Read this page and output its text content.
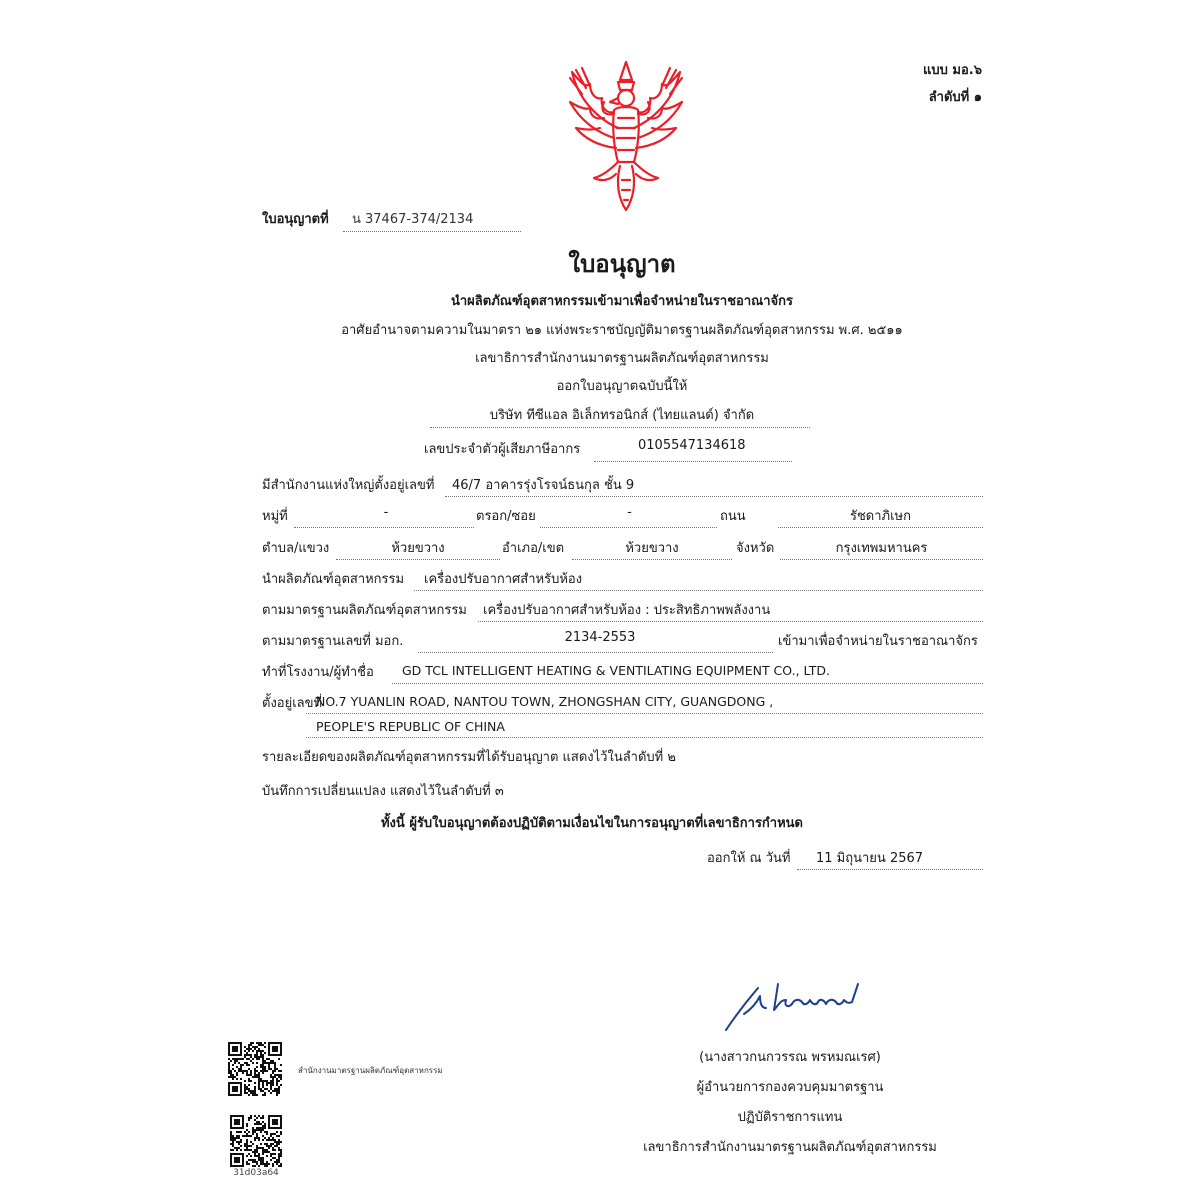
แบบ มอ.๖
ลำดับที่ ๑
ใบอนุญาตที่ น 37467-374/2134
ใบอนุญาต
นำผลิตภัณฑ์อุตสาหกรรมเข้ามาเพื่อจำหน่ายในราชอาณาจักร
อาศัยอำนาจตามความในมาตรา ๒๑ แห่งพระราชบัญญัติมาตรฐานผลิตภัณฑ์อุตสาหกรรม พ.ศ. ๒๕๑๑
เลขาธิการสำนักงานมาตรฐานผลิตภัณฑ์อุตสาหกรรม
ออกใบอนุญาตฉบับนี้ให้
บริษัท ทีซีแอล อิเล็กทรอนิกส์ (ไทยแลนด์) จำกัด
เลขประจำตัวผู้เสียภาษีอากร	0105547134618
มีสำนักงานแห่งใหญ่ตั้งอยู่เลขที่ 46/7 อาคารรุ่งโรจน์ธนกุล ชั้น 9
หมู่ที่	-	ตรอก/ซอย	-	ถนน	รัชดาภิเษก
ตำบล/แขวง	ห้วยขวาง	อำเภอ/เขต	ห้วยขวาง	จังหวัด	กรุงเทพมหานคร
นำผลิตภัณฑ์อุตสาหกรรม เครื่องปรับอากาศสำหรับห้อง
ตามมาตรฐานผลิตภัณฑ์อุตสาหกรรม เครื่องปรับอากาศสำหรับห้อง : ประสิทธิภาพพลังงาน
ตามมาตรฐานเลขที่ มอก.	2134-2553	เข้ามาเพื่อจำหน่ายในราชอาณาจักร
ทำที่โรงงาน/ผู้ทำชื่อ GD TCL INTELLIGENT HEATING & VENTILATING EQUIPMENT CO., LTD.
ตั้งอยู่เลขที่
NO.7 YUANLIN ROAD, NANTOU TOWN, ZHONGSHAN CITY, GUANGDONG ,
PEOPLE'S REPUBLIC OF CHINA
รายละเอียดของผลิตภัณฑ์อุตสาหกรรมที่ได้รับอนุญาต แสดงไว้ในลำดับที่ ๒
บันทึกการเปลี่ยนแปลง แสดงไว้ในลำดับที่ ๓
ทั้งนี้ ผู้รับใบอนุญาตต้องปฏิบัติตามเงื่อนไขในการอนุญาตที่เลขาธิการกำหนด
ออกให้ ณ วันที่ 11 มิถุนายน 2567
(นางสาวกนกวรรณ พรหมณเรศ)
ผู้อำนวยการกองควบคุมมาตรฐาน
ปฏิบัติราชการแทน
เลขาธิการสำนักงานมาตรฐานผลิตภัณฑ์อุตสาหกรรม
สำนักงานมาตรฐานผลิตภัณฑ์อุตสาหกรรม
31d03a64
